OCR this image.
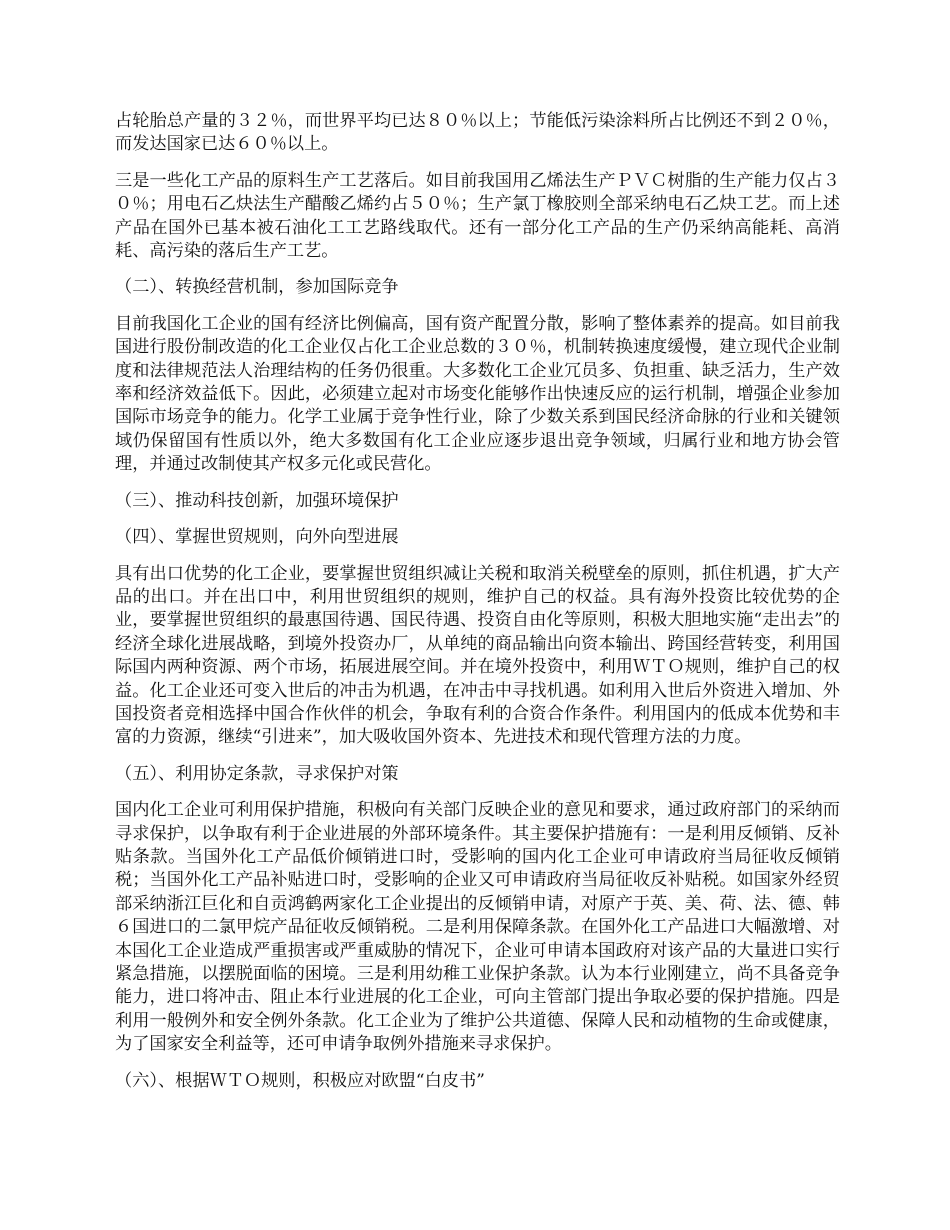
占轮胎总产量的３２％，而世界平均已达８０％以上；节能低污染涂料所占比例还不到２０％，而发达国家已达６０％以上。

三是一些化工产品的原料生产工艺落后。如目前我国用乙烯法生产ＰＶＣ树脂的生产能力仅占３０％；用电石乙炔法生产醋酸乙烯约占５０％；生产氯丁橡胶则全部采纳电石乙炔工艺。而上述产品在国外已基本被石油化工工艺路线取代。还有一部分化工产品的生产仍采纳高能耗、高消耗、高污染的落后生产工艺。

（二）、转换经营机制，参加国际竞争

目前我国化工企业的国有经济比例偏高，国有资产配置分散，影响了整体素养的提高。如目前我国进行股份制改造的化工企业仅占化工企业总数的３０％，机制转换速度缓慢，建立现代企业制度和法律规范法人治理结构的任务仍很重。大多数化工企业冗员多、负担重、缺乏活力，生产效率和经济效益低下。因此，必须建立起对市场变化能够作出快速反应的运行机制，增强企业参加国际市场竞争的能力。化学工业属于竞争性行业，除了少数关系到国民经济命脉的行业和关键领域仍保留国有性质以外，绝大多数国有化工企业应逐步退出竞争领域，归属行业和地方协会管理，并通过改制使其产权多元化或民营化。

（三）、推动科技创新，加强环境保护

（四）、掌握世贸规则，向外向型进展

具有出口优势的化工企业，要掌握世贸组织减让关税和取消关税壁垒的原则，抓住机遇，扩大产品的出口。并在出口中，利用世贸组织的规则，维护自己的权益。具有海外投资比较优势的企业，要掌握世贸组织的最惠国待遇、国民待遇、投资自由化等原则，积极大胆地实施“走出去”的经济全球化进展战略，到境外投资办厂，从单纯的商品输出向资本输出、跨国经营转变，利用国际国内两种资源、两个市场，拓展进展空间。并在境外投资中，利用ＷＴＯ规则，维护自己的权益。化工企业还可变入世后的冲击为机遇，在冲击中寻找机遇。如利用入世后外资进入增加、外国投资者竞相选择中国合作伙伴的机会，争取有利的合资合作条件。利用国内的低成本优势和丰富的力资源，继续“引进来”，加大吸收国外资本、先进技术和现代管理方法的力度。

（五）、利用协定条款，寻求保护对策

国内化工企业可利用保护措施，积极向有关部门反映企业的意见和要求，通过政府部门的采纳而寻求保护，以争取有利于企业进展的外部环境条件。其主要保护措施有：一是利用反倾销、反补贴条款。当国外化工产品低价倾销进口时，受影响的国内化工企业可申请政府当局征收反倾销税；当国外化工产品补贴进口时，受影响的企业又可申请政府当局征收反补贴税。如国家外经贸部采纳浙江巨化和自贡鸿鹤两家化工企业提出的反倾销申请，对原产于英、美、荷、法、德、韩６国进口的二氯甲烷产品征收反倾销税。二是利用保障条款。在国外化工产品进口大幅激增、对本国化工企业造成严重损害或严重威胁的情况下，企业可申请本国政府对该产品的大量进口实行紧急措施，以摆脱面临的困境。三是利用幼稚工业保护条款。认为本行业刚建立，尚不具备竞争能力，进口将冲击、阻止本行业进展的化工企业，可向主管部门提出争取必要的保护措施。四是利用一般例外和安全例外条款。化工企业为了维护公共道德、保障人民和动植物的生命或健康，为了国家安全利益等，还可申请争取例外措施来寻求保护。

（六）、根据ＷＴＯ规则，积极应对欧盟“白皮书”
